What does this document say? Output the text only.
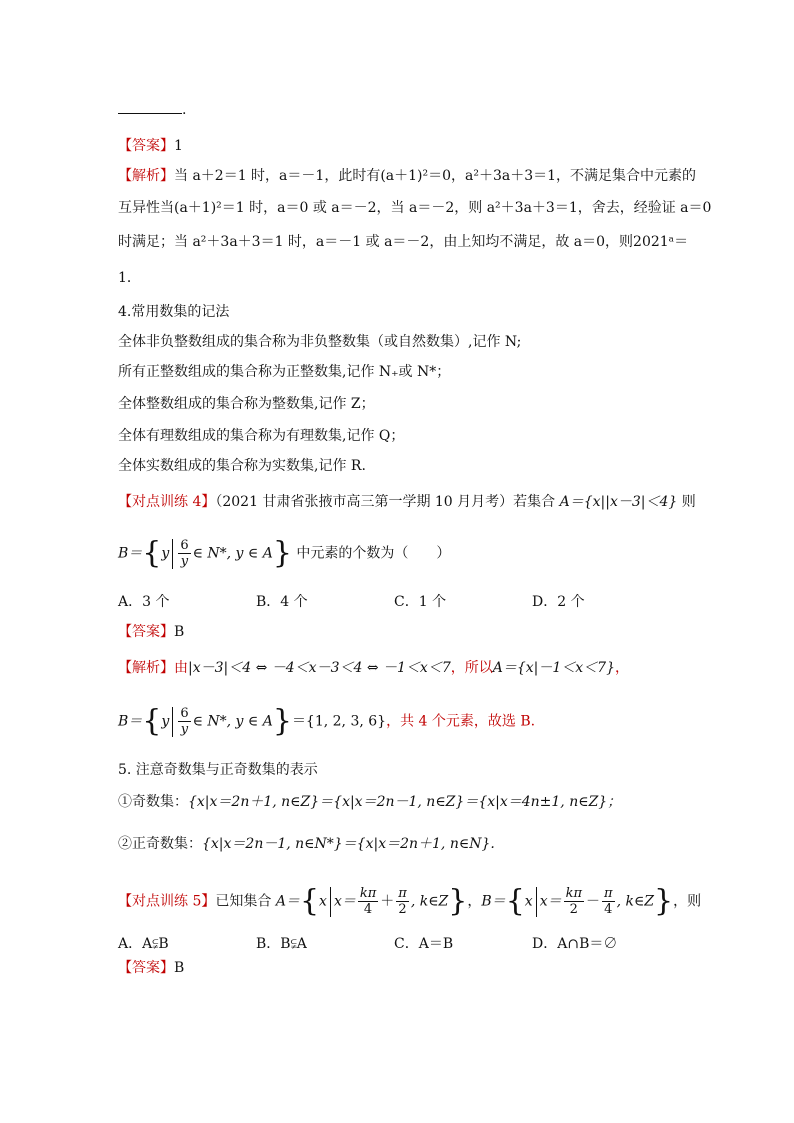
.
【答案】1
【解析】当 a＋2＝1 时，a＝－1，此时有(a＋1)²＝0，a²＋3a＋3＝1，不满足集合中元素的
互异性当(a＋1)²＝1 时，a＝0 或 a＝－2，当 a＝－2，则 a²＋3a＋3＝1，舍去，经验证 a＝0
时满足；当 a²＋3a＋3＝1 时，a＝－1 或 a＝－2，由上知均不满足，故 a＝0，则2021ᵃ＝
1．
4.常用数集的记法
全体非负整数组成的集合称为非负整数集（或自然数集）,记作 N;
所有正整数组成的集合称为正整数集,记作 N₊或 N*；
全体整数组成的集合称为整数集,记作 Z；
全体有理数组成的集合称为有理数集,记作 Q；
全体实数组成的集合称为实数集,记作 R.
【对点训练 4】（2021 甘肃省张掖市高三第一学期 10 月月考）若集合 A＝{x||x－3|＜4} 则
$B=\{y \frac{6}{y}$ ∈ N*, y ∈ A} 中元素的个数为（　　）
A．3 个	B．4 个	C．1 个	D．2 个
【答案】B
【解析】由|x－3|＜4 ⇔ －4＜x－3＜4 ⇔ －1＜x＜7，所以A＝{x|－1＜x＜7}，
$B=\{y \frac{6}{y}$ ∈ N*, y ∈ A}＝{1, 2, 3, 6}，共 4 个元素，故选 B.
5. 注意奇数集与正奇数集的表示
①奇数集：{x|x＝2n＋1, n∈Z}＝{x|x＝2n－1, n∈Z}＝{x|x＝4n±1, n∈Z}；
②正奇数集：{x|x＝2n－1, n∈N*}＝{x|x＝2n＋1, n∈N}.
【对点训练 5】已知集合 A＝{x $x= \frac{k\pi}{4} + \frac{\pi}{2}$ , k∈Z}，B＝{x $x= \frac{k\pi}{2} - \frac{\pi}{4}$ , k∈Z}，则
A．A⫋B	B．B⫋A	C．A＝B	D．A∩B＝∅
【答案】B
